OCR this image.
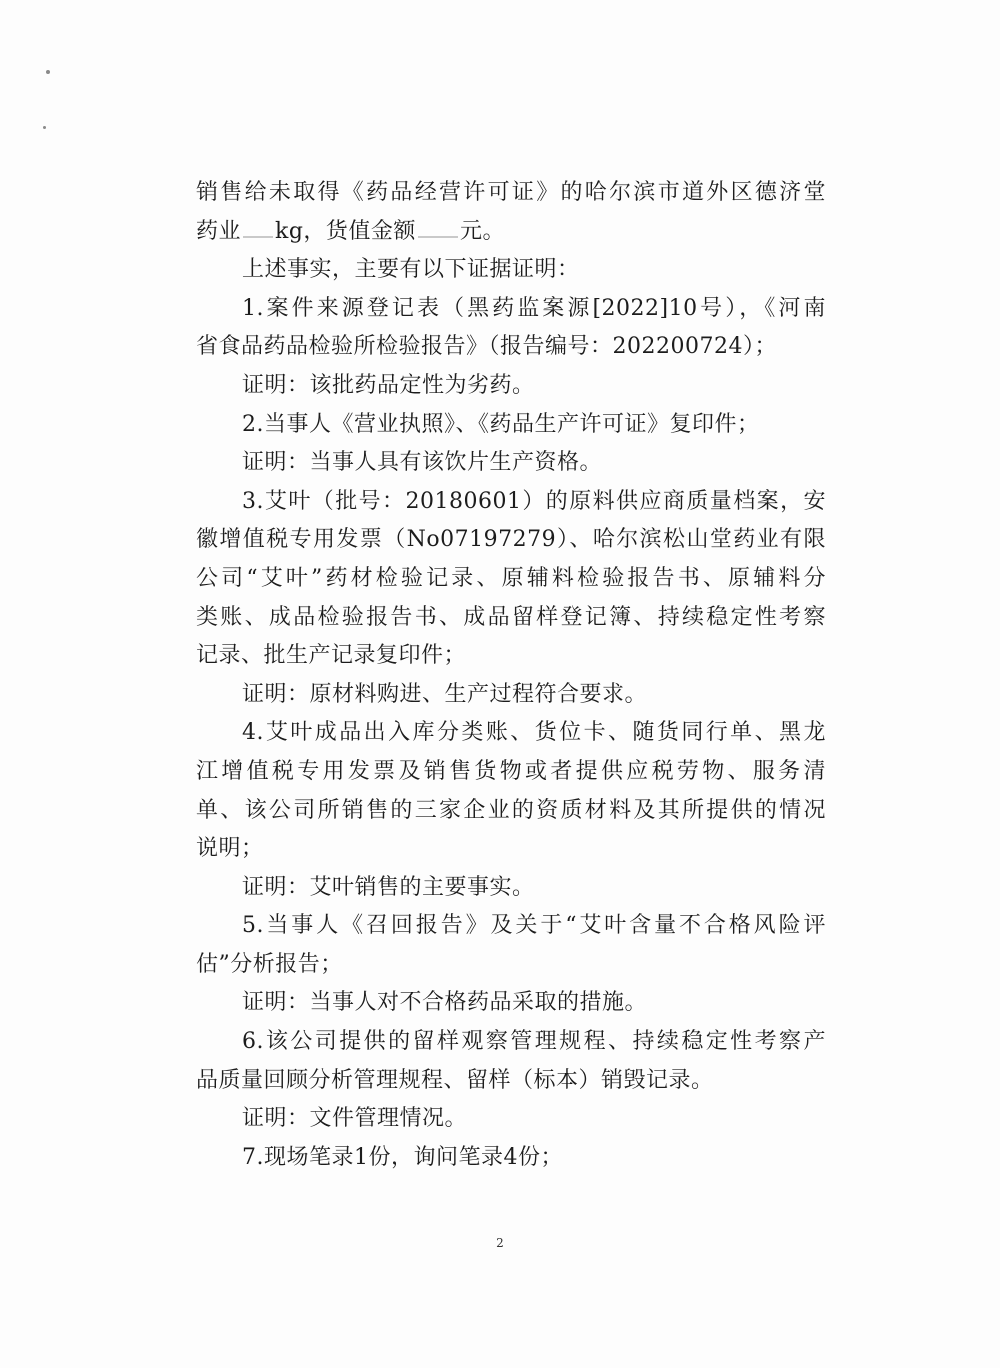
销售给未取得《药品经营许可证》的哈尔滨市道外区德济堂
药业 kg，货值金额 元。
上述事实，主要有以下证据证明：
1.案件来源登记表（黑药监案源[2022]10号），《河南
省食品药品检验所检验报告》（报告编号：202200724）；
证明：该批药品定性为劣药。
2.当事人《营业执照》、《药品生产许可证》复印件；
证明：当事人具有该饮片生产资格。
3.艾叶（批号：20180601）的原料供应商质量档案，安
徽增值税专用发票（No07197279）、哈尔滨松山堂药业有限
公司“艾叶”药材检验记录、原辅料检验报告书、原辅料分
类账、成品检验报告书、成品留样登记簿、持续稳定性考察
记录、批生产记录复印件；
证明：原材料购进、生产过程符合要求。
4.艾叶成品出入库分类账、货位卡、随货同行单、黑龙
江增值税专用发票及销售货物或者提供应税劳物、服务清
单、该公司所销售的三家企业的资质材料及其所提供的情况
说明；
证明：艾叶销售的主要事实。
5.当事人《召回报告》及关于“艾叶含量不合格风险评
估”分析报告；
证明：当事人对不合格药品采取的措施。
6.该公司提供的留样观察管理规程、持续稳定性考察产
品质量回顾分析管理规程、留样（标本）销毁记录。
证明：文件管理情况。
7.现场笔录1份，询问笔录4份；
2
